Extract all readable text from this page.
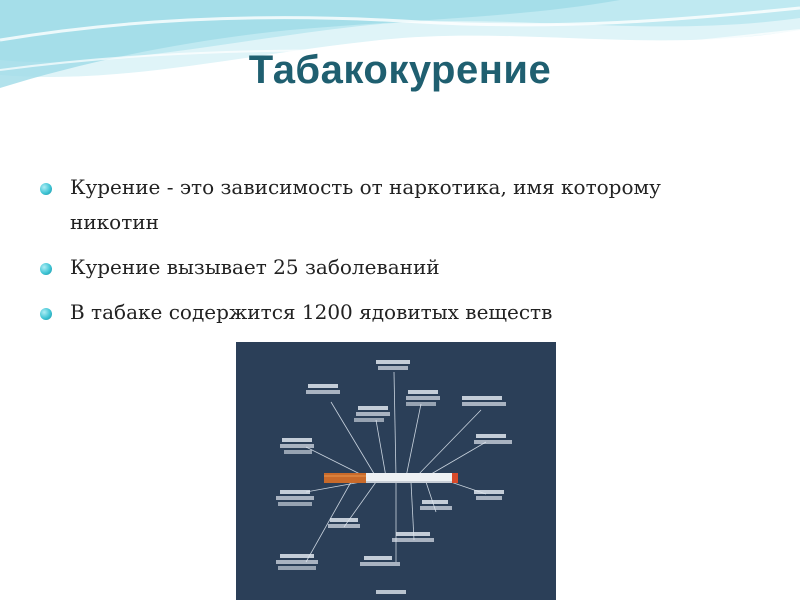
Табакокурение
Курение - это зависимость от наркотика, имя которому никотин
Курение вызывает 25 заболеваний
В табаке содержится 1200 ядовитых веществ
